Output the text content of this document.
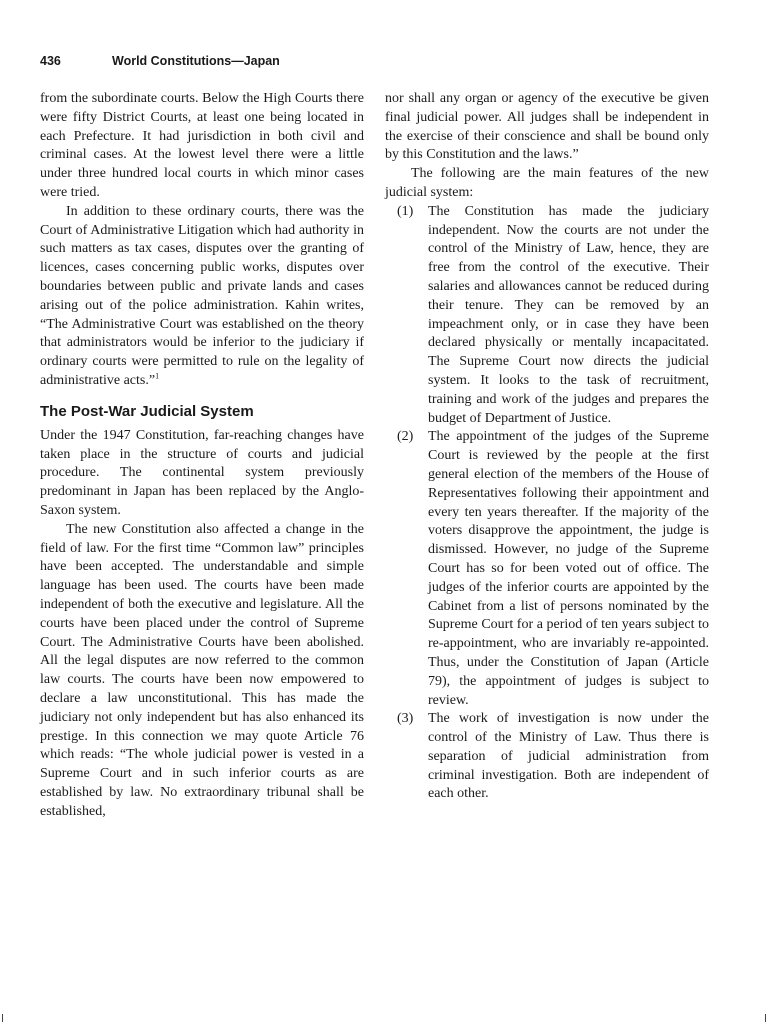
436	World Constitutions—Japan

from the subordinate courts. Below the High Courts there were fifty District Courts, at least one being located in each Prefecture. It had jurisdiction in both civil and criminal cases. At the lowest level there were a little under three hundred local courts in which minor cases were tried.

In addition to these ordinary courts, there was the Court of Administrative Litigation which had authority in such matters as tax cases, disputes over the granting of licences, cases concerning public works, disputes over boundaries between public and private lands and cases arising out of the police administration. Kahin writes, “The Administrative Court was established on the theory that administrators would be inferior to the judiciary if ordinary courts were permitted to rule on the legality of administrative acts.”$^1$

The Post-War Judicial System

Under the 1947 Constitution, far-reaching changes have taken place in the structure of courts and judicial procedure. The continental system previously predominant in Japan has been replaced by the Anglo-Saxon system.

The new Constitution also affected a change in the field of law. For the first time “Common law” principles have been accepted. The understandable and simple language has been used. The courts have been made independent of both the executive and legislature. All the courts have been placed under the control of Supreme Court. The Administrative Courts have been abolished. All the legal disputes are now referred to the common law courts. The courts have been now empowered to declare a law unconstitutional. This has made the judiciary not only independent but has also enhanced its prestige. In this connection we may quote Article 76 which reads: “The whole judicial power is vested in a Supreme Court and in such inferior courts as are established by law. No extraordinary tribunal shall be established,

nor shall any organ or agency of the executive be given final judicial power. All judges shall be independent in the exercise of their conscience and shall be bound only by this Constitution and the laws.”

The following are the main features of the new judicial system:

(1) The Constitution has made the judiciary independent. Now the courts are not under the control of the Ministry of Law, hence, they are free from the control of the executive. Their salaries and allowances cannot be reduced during their tenure. They can be removed by an impeachment only, or in case they have been declared physically or mentally incapacitated. The Supreme Court now directs the judicial system. It looks to the task of recruitment, training and work of the judges and prepares the budget of Department of Justice.
(2) The appointment of the judges of the Supreme Court is reviewed by the people at the first general election of the members of the House of Representatives following their appointment and every ten years thereafter. If the majority of the voters disapprove the appointment, the judge is dismissed. However, no judge of the Supreme Court has so for been voted out of office. The judges of the inferior courts are appointed by the Cabinet from a list of persons nominated by the Supreme Court for a period of ten years subject to re-appointment, who are invariably re-appointed. Thus, under the Constitution of Japan (Article 79), the appointment of judges is subject to review.
(3) The work of investigation is now under the control of the Ministry of Law. Thus there is separation of judicial administration from criminal investigation. Both are independent of each other.
